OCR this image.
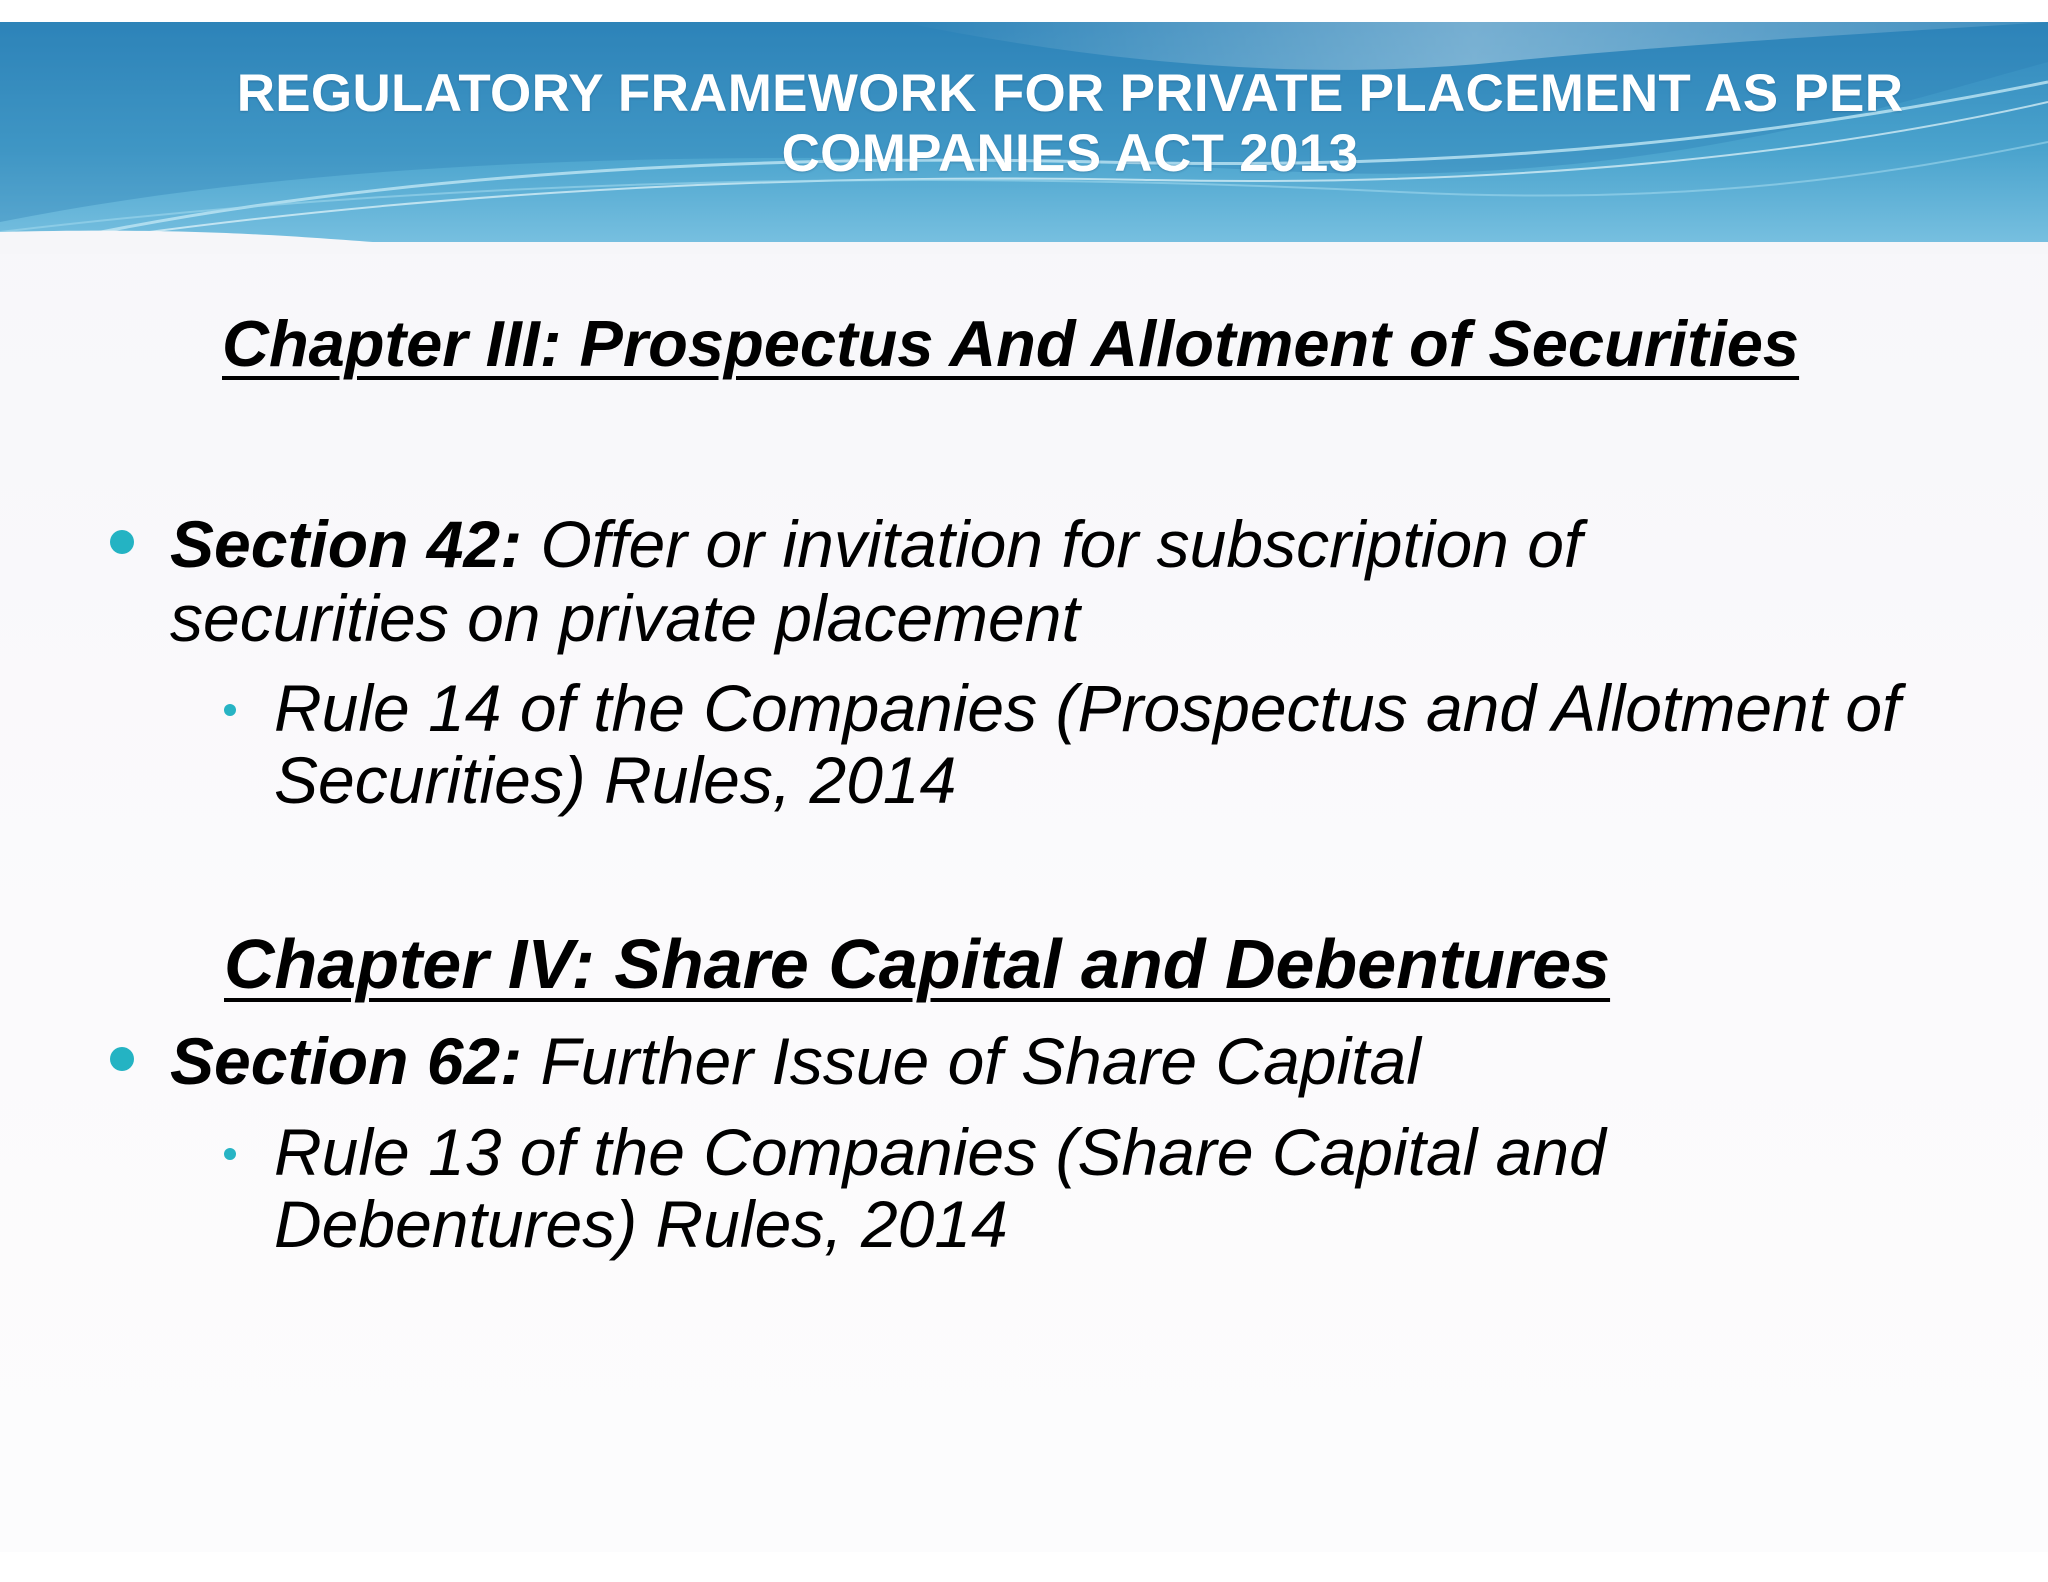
REGULATORY FRAMEWORK FOR PRIVATE PLACEMENT AS PER COMPANIES ACT 2013
Chapter III: Prospectus And Allotment of Securities
Section 42: Offer or invitation for subscription of securities on private placement
Rule 14 of the Companies (Prospectus and Allotment of Securities) Rules, 2014
Chapter IV: Share Capital and Debentures
Section 62: Further Issue of Share Capital
Rule 13 of the Companies (Share Capital and Debentures) Rules, 2014
